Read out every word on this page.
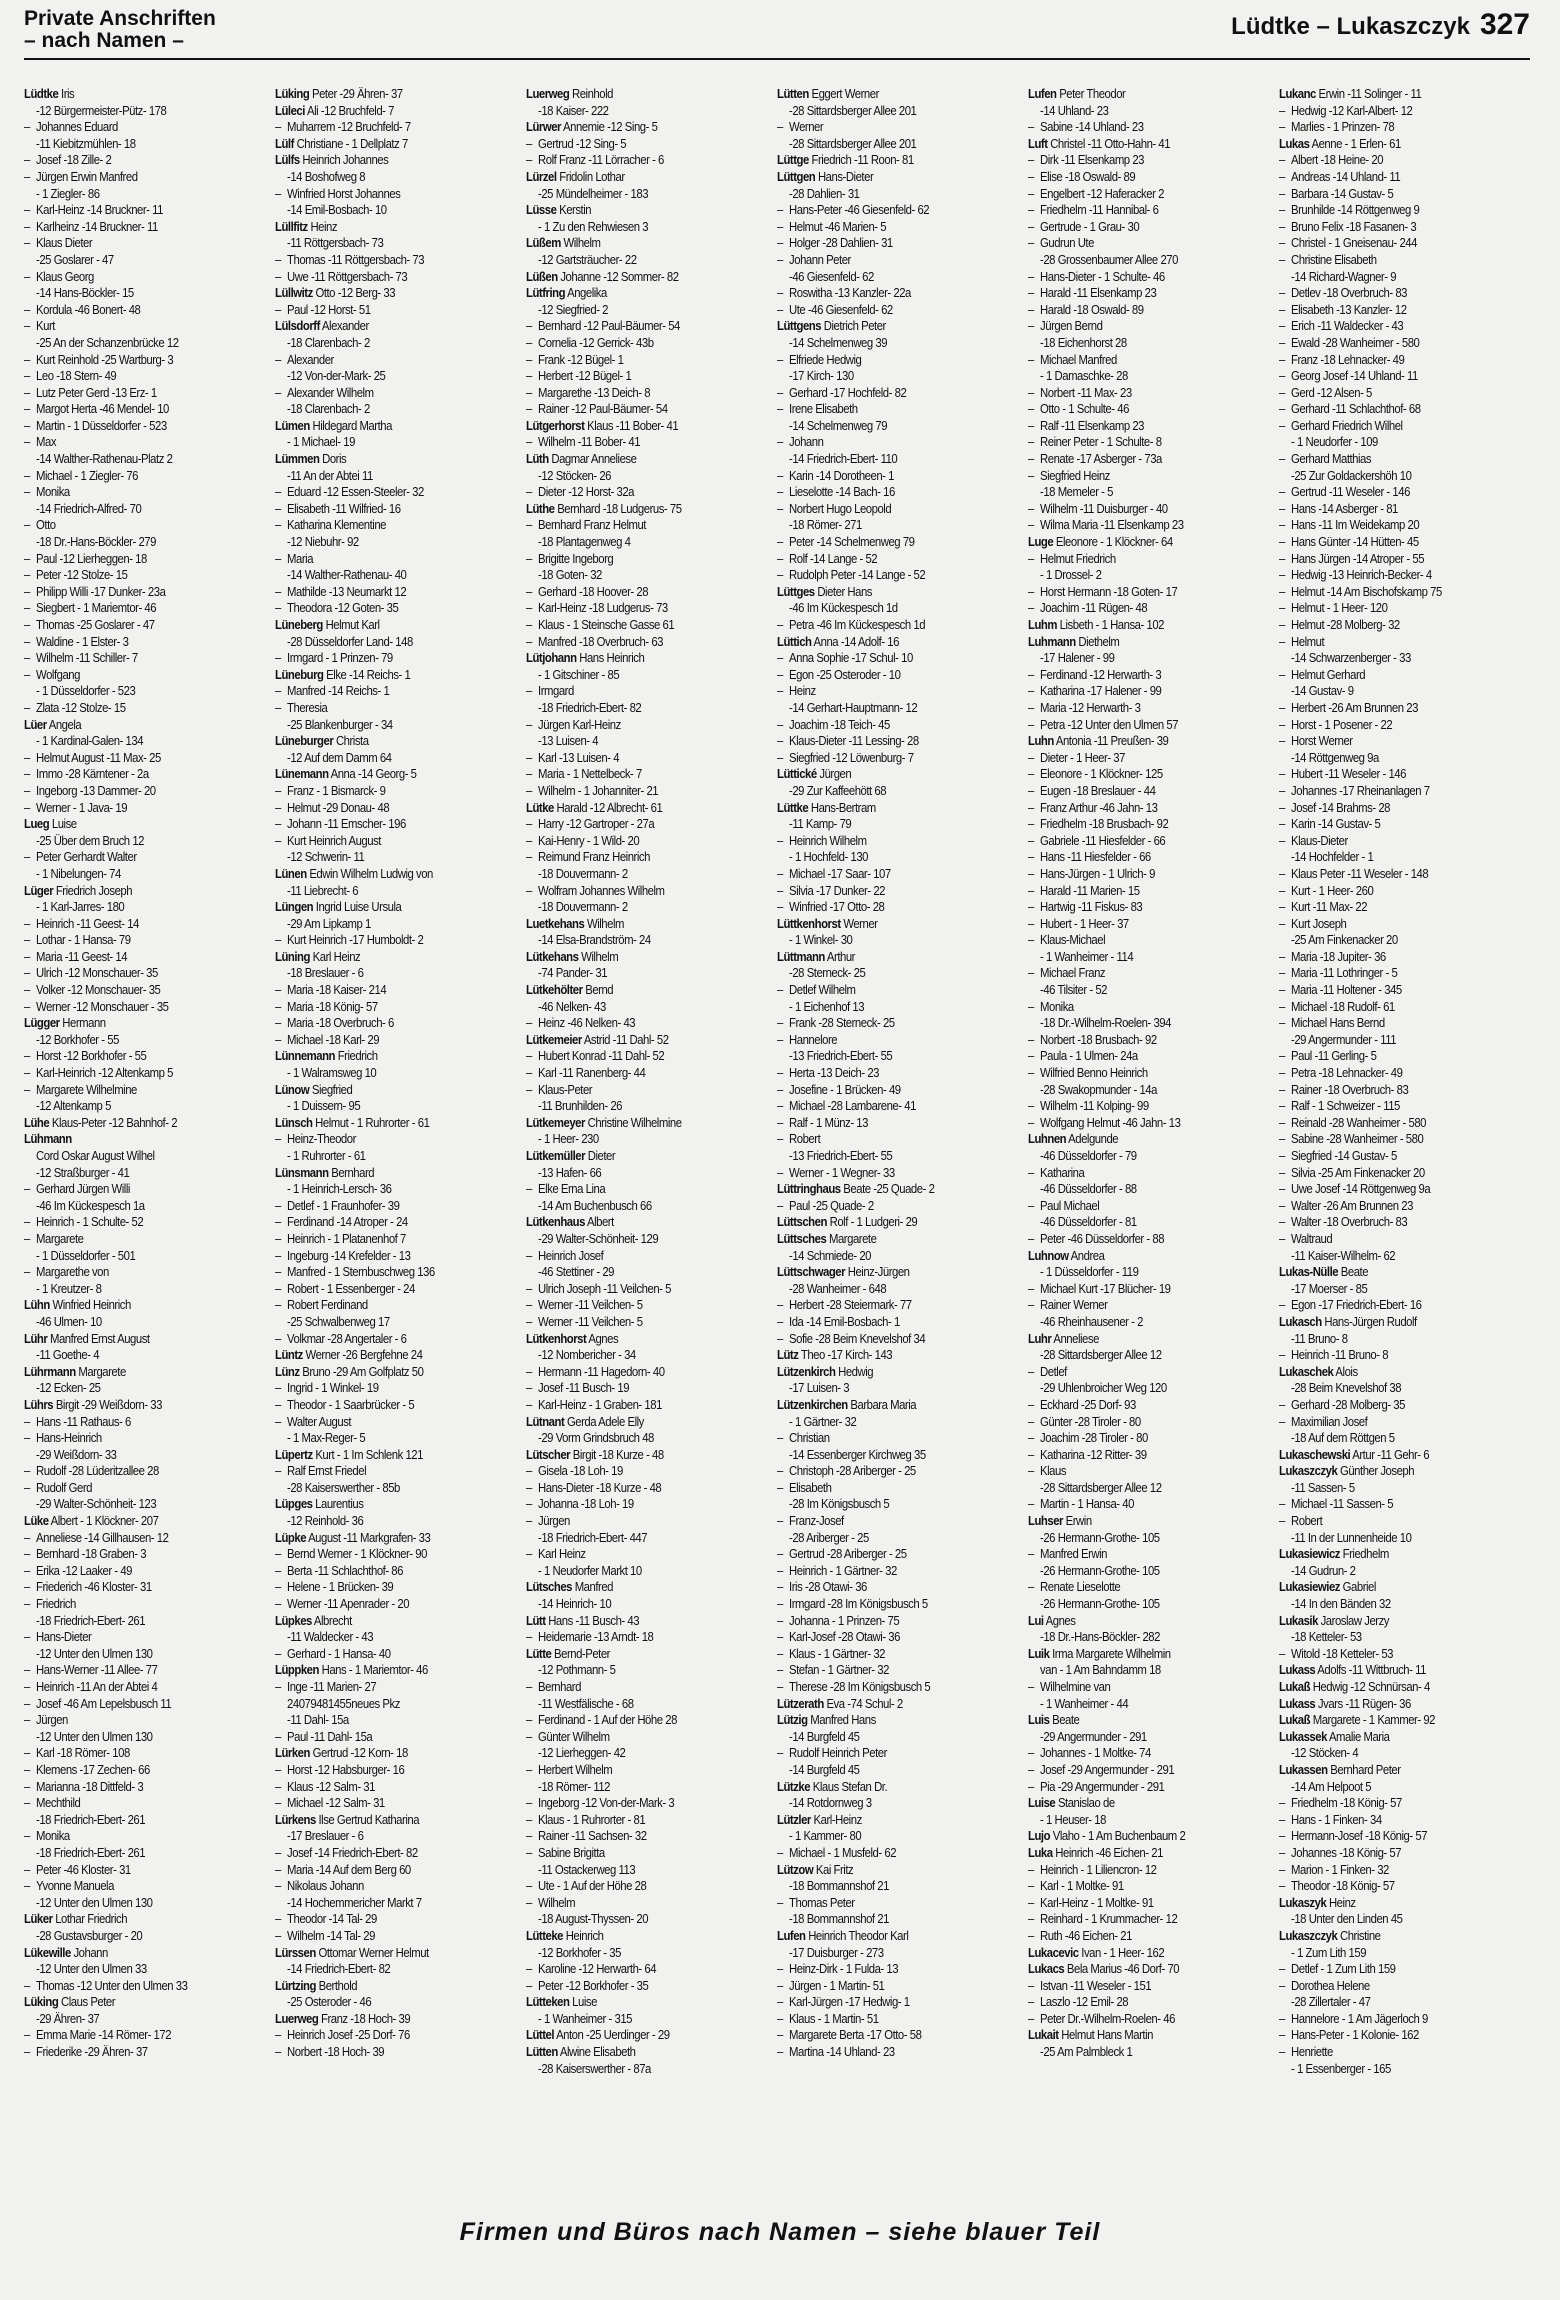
Private Anschriften
– nach Namen –
Lüdtke – Lukaszczyk 327
Lüdtke Iris
-12 Bürgermeister-Pütz- 178
– Johannes Eduard
-11 Kiebitzmühlen- 18
– Josef -18 Zille- 2
– Jürgen Erwin Manfred
- 1 Ziegler- 86
– Karl-Heinz -14 Bruckner- 11
– Karlheinz -14 Bruckner- 11
– Klaus Dieter
-25 Goslarer - 47
– Klaus Georg
-14 Hans-Böckler- 15
– Kordula -46 Bonert- 48
– Kurt
-25 An der Schanzenbrücke 12
– Kurt Reinhold -25 Wartburg- 3
– Leo -18 Stern- 49
– Lutz Peter Gerd -13 Erz- 1
– Margot Herta -46 Mendel- 10
– Martin - 1 Düsseldorfer - 523
– Max
-14 Walther-Rathenau-Platz 2
– Michael - 1 Ziegler- 76
– Monika
-14 Friedrich-Alfred- 70
– Otto
-18 Dr.-Hans-Böckler- 279
– Paul -12 Lierheggen- 18
– Peter -12 Stolze- 15
– Philipp Willi -17 Dunker- 23a
– Siegbert - 1 Mariemtor- 46
– Thomas -25 Goslarer - 47
– Waldine - 1 Elster- 3
– Wilhelm -11 Schiller- 7
– Wolfgang
- 1 Düsseldorfer - 523
– Zlata -12 Stolze- 15
Lüer Angela
- 1 Kardinal-Galen- 134
– Helmut August -11 Max- 25
– Immo -28 Kärntener - 2a
– Ingeborg -13 Dammer- 20
– Werner - 1 Java- 19
Lueg Luise
-25 Über dem Bruch 12
– Peter Gerhardt Walter
- 1 Nibelungen- 74
Lüger Friedrich Joseph
- 1 Karl-Jarres- 180
– Heinrich -11 Geest- 14
– Lothar - 1 Hansa- 79
– Maria -11 Geest- 14
– Ulrich -12 Monschauer- 35
– Volker -12 Monschauer- 35
– Werner -12 Monschauer - 35
Lügger Hermann
-12 Borkhofer - 55
– Horst -12 Borkhofer - 55
– Karl-Heinrich -12 Altenkamp 5
– Margarete Wilhelmine
-12 Altenkamp 5
Lühe Klaus-Peter -12 Bahnhof- 2
Lühmann
Cord Oskar August Wilhel
-12 Straßburger - 41
– Gerhard Jürgen Willi
-46 Im Kückespesch 1a
– Heinrich - 1 Schulte- 52
– Margarete
- 1 Düsseldorfer - 501
– Margarethe von
- 1 Kreutzer- 8
Lühn Winfried Heinrich
-46 Ulmen- 10
Lühr Manfred Ernst August
-11 Goethe- 4
Lührmann Margarete
-12 Ecken- 25
Lührs Birgit -29 Weißdorn- 33
– Hans -11 Rathaus- 6
– Hans-Heinrich
-29 Weißdorn- 33
– Rudolf -28 Lüderitzallee 28
– Rudolf Gerd
-29 Walter-Schönheit- 123
Lüke Albert - 1 Klöckner- 207
– Anneliese -14 Gillhausen- 12
– Bernhard -18 Graben- 3
– Erika -12 Laaker - 49
– Friederich -46 Kloster- 31
– Friedrich
-18 Friedrich-Ebert- 261
– Hans-Dieter
-12 Unter den Ulmen 130
– Hans-Werner -11 Allee- 77
– Heinrich -11 An der Abtei 4
– Josef -46 Am Lepelsbusch 11
– Jürgen
-12 Unter den Ulmen 130
– Karl -18 Römer- 108
– Klemens -17 Zechen- 66
– Marianna -18 Dittfeld- 3
– Mechthild
-18 Friedrich-Ebert- 261
– Monika
-18 Friedrich-Ebert- 261
– Peter -46 Kloster- 31
– Yvonne Manuela
-12 Unter den Ulmen 130
Lüker Lothar Friedrich
-28 Gustavsburger - 20
Lükewille Johann
-12 Unter den Ulmen 33
– Thomas -12 Unter den Ulmen 33
Lüking Claus Peter
-29 Ähren- 37
– Emma Marie -14 Römer- 172
– Friederike -29 Ähren- 37
Lüking Peter -29 Ähren- 37
Lüleci Ali -12 Bruchfeld- 7
– Muharrem -12 Bruchfeld- 7
Lülf Christiane - 1 Dellplatz 7
Lülfs Heinrich Johannes
-14 Boshofweg 8
– Winfried Horst Johannes
-14 Emil-Bosbach- 10
Lüllfitz Heinz
-11 Röttgersbach- 73
– Thomas -11 Röttgersbach- 73
– Uwe -11 Röttgersbach- 73
Lüllwitz Otto -12 Berg- 33
– Paul -12 Horst- 51
Lülsdorff Alexander
-18 Clarenbach- 2
– Alexander
-12 Von-der-Mark- 25
– Alexander Wilhelm
-18 Clarenbach- 2
Lümen Hildegard Martha
- 1 Michael- 19
Lümmen Doris
-11 An der Abtei 11
– Eduard -12 Essen-Steeler- 32
– Elisabeth -11 Wilfried- 16
– Katharina Klementine
-12 Niebuhr- 92
– Maria
-14 Walther-Rathenau- 40
– Mathilde -13 Neumarkt 12
– Theodora -12 Goten- 35
Lüneberg Helmut Karl
-28 Düsseldorfer Land- 148
– Irmgard - 1 Prinzen- 79
Lüneburg Elke -14 Reichs- 1
– Manfred -14 Reichs- 1
– Theresia
-25 Blankenburger - 34
Lüneburger Christa
-12 Auf dem Damm 64
Lünemann Anna -14 Georg- 5
– Franz - 1 Bismarck- 9
– Helmut -29 Donau- 48
– Johann -11 Emscher- 196
– Kurt Heinrich August
-12 Schwerin- 11
Lünen Edwin Wilhelm Ludwig von
-11 Liebrecht- 6
Lüngen Ingrid Luise Ursula
-29 Am Lipkamp 1
– Kurt Heinrich -17 Humboldt- 2
Lüning Karl Heinz
-18 Breslauer - 6
– Maria -18 Kaiser- 214
– Maria -18 König- 57
– Maria -18 Overbruch- 6
– Michael -18 Karl- 29
Lünnemann Friedrich
- 1 Walramsweg 10
Lünow Siegfried
- 1 Duissern- 95
Lünsch Helmut - 1 Ruhrorter - 61
– Heinz-Theodor
- 1 Ruhrorter - 61
Lünsmann Bernhard
- 1 Heinrich-Lersch- 36
– Detlef - 1 Fraunhofer- 39
– Ferdinand -14 Atroper - 24
– Heinrich - 1 Platanenhof 7
– Ingeburg -14 Krefelder - 13
– Manfred - 1 Sternbuschweg 136
– Robert - 1 Essenberger - 24
– Robert Ferdinand
-25 Schwalbenweg 17
– Volkmar -28 Angertaler - 6
Lüntz Werner -26 Bergfehne 24
Lünz Bruno -29 Am Golfplatz 50
– Ingrid - 1 Winkel- 19
– Theodor - 1 Saarbrücker - 5
– Walter August
- 1 Max-Reger- 5
Lüpertz Kurt - 1 Im Schlenk 121
– Ralf Ernst Friedel
-28 Kaiserswerther - 85b
Lüpges Laurentius
-12 Reinhold- 36
Lüpke August -11 Markgrafen- 33
– Bernd Werner - 1 Klöckner- 90
– Berta -11 Schlachthof- 86
– Helene - 1 Brücken- 39
– Werner -11 Apenrader - 20
Lüpkes Albrecht
-11 Waldecker - 43
– Gerhard - 1 Hansa- 40
Lüppken Hans - 1 Mariemtor- 46
– Inge -11 Marien- 27
24079481455neues Pkz
-11 Dahl- 15a
– Paul -11 Dahl- 15a
Lürken Gertrud -12 Korn- 18
– Horst -12 Habsburger- 16
– Klaus -12 Salm- 31
– Michael -12 Salm- 31
Lürkens Ilse Gertrud Katharina
-17 Breslauer - 6
– Josef -14 Friedrich-Ebert- 82
– Maria -14 Auf dem Berg 60
– Nikolaus Johann
-14 Hochemmericher Markt 7
– Theodor -14 Tal- 29
– Wilhelm -14 Tal- 29
Lürssen Ottomar Werner Helmut
-14 Friedrich-Ebert- 82
Lürtzing Berthold
-25 Osteroder - 46
Luerweg Franz -18 Hoch- 39
– Heinrich Josef -25 Dorf- 76
– Norbert -18 Hoch- 39
Luerweg Reinhold
-18 Kaiser- 222
Lürwer Annemie -12 Sing- 5
– Gertrud -12 Sing- 5
– Rolf Franz -11 Lörracher - 6
Lürzel Fridolin Lothar
-25 Mündelheimer - 183
Lüsse Kerstin
- 1 Zu den Rehwiesen 3
Lüßem Wilhelm
-12 Gartsträucher- 22
Lüßen Johanne -12 Sommer- 82
Lütfring Angelika
-12 Siegfried- 2
– Bernhard -12 Paul-Bäumer- 54
– Cornelia -12 Gerrick- 43b
– Frank -12 Bügel- 1
– Herbert -12 Bügel- 1
– Margarethe -13 Deich- 8
– Rainer -12 Paul-Bäumer- 54
Lütgerhorst Klaus -11 Bober- 41
– Wilhelm -11 Bober- 41
Lüth Dagmar Anneliese
-12 Stöcken- 26
– Dieter -12 Horst- 32a
Lüthe Bernhard -18 Ludgerus- 75
– Bernhard Franz Helmut
-18 Plantagenweg 4
– Brigitte Ingeborg
-18 Goten- 32
– Gerhard -18 Hoover- 28
– Karl-Heinz -18 Ludgerus- 73
– Klaus - 1 Steinsche Gasse 61
– Manfred -18 Overbruch- 63
Lütjohann Hans Heinrich
- 1 Gitschiner - 85
– Irmgard
-18 Friedrich-Ebert- 82
– Jürgen Karl-Heinz
-13 Luisen- 4
– Karl -13 Luisen- 4
– Maria - 1 Nettelbeck- 7
– Wilhelm - 1 Johanniter- 21
Lütke Harald -12 Albrecht- 61
– Harry -12 Gartroper - 27a
– Kai-Henry - 1 Wild- 20
– Reimund Franz Heinrich
-18 Douvermann- 2
– Wolfram Johannes Wilhelm
-18 Douvermann- 2
Luetkehans Wilhelm
-14 Elsa-Brandström- 24
Lütkehans Wilhelm
-74 Pander- 31
Lütkehölter Bernd
-46 Nelken- 43
– Heinz -46 Nelken- 43
Lütkemeier Astrid -11 Dahl- 52
– Hubert Konrad -11 Dahl- 52
– Karl -11 Ranenberg- 44
– Klaus-Peter
-11 Brunhilden- 26
Lütkemeyer Christine Wilhelmine
- 1 Heer- 230
Lütkemüller Dieter
-13 Hafen- 66
– Elke Erna Lina
-14 Am Buchenbusch 66
Lütkenhaus Albert
-29 Walter-Schönheit- 129
– Heinrich Josef
-46 Stettiner - 29
– Ulrich Joseph -11 Veilchen- 5
– Werner -11 Veilchen- 5
– Werner -11 Veilchen- 5
Lütkenhorst Agnes
-12 Nombericher - 34
– Hermann -11 Hagedorn- 40
– Josef -11 Busch- 19
– Karl-Heinz - 1 Graben- 181
Lütnant Gerda Adele Elly
-29 Vorm Grindsbruch 48
Lütscher Birgit -18 Kurze - 48
– Gisela -18 Loh- 19
– Hans-Dieter -18 Kurze - 48
– Johanna -18 Loh- 19
– Jürgen
-18 Friedrich-Ebert- 447
– Karl Heinz
- 1 Neudorfer Markt 10
Lütsches Manfred
-14 Heinrich- 10
Lütt Hans -11 Busch- 43
– Heidemarie -13 Arndt- 18
Lütte Bernd-Peter
-12 Pothmann- 5
– Bernhard
-11 Westfälische - 68
– Ferdinand - 1 Auf der Höhe 28
– Günter Wilhelm
-12 Lierheggen- 42
– Herbert Wilhelm
-18 Römer- 112
– Ingeborg -12 Von-der-Mark- 3
– Klaus - 1 Ruhrorter - 81
– Rainer -11 Sachsen- 32
– Sabine Brigitta
-11 Ostackerweg 113
– Ute - 1 Auf der Höhe 28
– Wilhelm
-18 August-Thyssen- 20
Lütteke Heinrich
-12 Borkhofer - 35
– Karoline -12 Herwarth- 64
– Peter -12 Borkhofer - 35
Lütteken Luise
- 1 Wanheimer - 315
Lüttel Anton -25 Uerdinger - 29
Lütten Alwine Elisabeth
-28 Kaiserswerther - 87a
Lütten Eggert Werner
-28 Sittardsberger Allee 201
– Werner
-28 Sittardsberger Allee 201
Lüttge Friedrich -11 Roon- 81
Lüttgen Hans-Dieter
-28 Dahlien- 31
– Hans-Peter -46 Giesenfeld- 62
– Helmut -46 Marien- 5
– Holger -28 Dahlien- 31
– Johann Peter
-46 Giesenfeld- 62
– Roswitha -13 Kanzler- 22a
– Ute -46 Giesenfeld- 62
Lüttgens Dietrich Peter
-14 Schelmenweg 39
– Elfriede Hedwig
-17 Kirch- 130
– Gerhard -17 Hochfeld- 82
– Irene Elisabeth
-14 Schelmenweg 79
– Johann
-14 Friedrich-Ebert- 110
– Karin -14 Dorotheen- 1
– Lieselotte -14 Bach- 16
– Norbert Hugo Leopold
-18 Römer- 271
– Peter -14 Schelmenweg 79
– Rolf -14 Lange - 52
– Rudolph Peter -14 Lange - 52
Lüttges Dieter Hans
-46 Im Kückespesch 1d
– Petra -46 Im Kückespesch 1d
Lüttich Anna -14 Adolf- 16
– Anna Sophie -17 Schul- 10
– Egon -25 Osteroder - 10
– Heinz
-14 Gerhart-Hauptmann- 12
– Joachim -18 Teich- 45
– Klaus-Dieter -11 Lessing- 28
– Siegfried -12 Löwenburg- 7
Lüttické Jürgen
-29 Zur Kaffeehött 68
Lüttke Hans-Bertram
-11 Kamp- 79
– Heinrich Wilhelm
- 1 Hochfeld- 130
– Michael -17 Saar- 107
– Silvia -17 Dunker- 22
– Winfried -17 Otto- 28
Lüttkenhorst Werner
- 1 Winkel- 30
Lüttmann Arthur
-28 Sterneck- 25
– Detlef Wilhelm
- 1 Eichenhof 13
– Frank -28 Sterneck- 25
– Hannelore
-13 Friedrich-Ebert- 55
– Herta -13 Deich- 23
– Josefine - 1 Brücken- 49
– Michael -28 Lambarene- 41
– Ralf - 1 Münz- 13
– Robert
-13 Friedrich-Ebert- 55
– Werner - 1 Wegner- 33
Lüttringhaus Beate -25 Quade- 2
– Paul -25 Quade- 2
Lüttschen Rolf - 1 Ludgeri- 29
Lüttsches Margarete
-14 Schmiede- 20
Lüttschwager Heinz-Jürgen
-28 Wanheimer - 648
– Herbert -28 Steiermark- 77
– Ida -14 Emil-Bosbach- 1
– Sofie -28 Beim Knevelshof 34
Lütz Theo -17 Kirch- 143
Lützenkirch Hedwig
-17 Luisen- 3
Lützenkirchen Barbara Maria
- 1 Gärtner- 32
– Christian
-14 Essenberger Kirchweg 35
– Christoph -28 Ariberger - 25
– Elisabeth
-28 Im Königsbusch 5
– Franz-Josef
-28 Ariberger - 25
– Gertrud -28 Ariberger - 25
– Heinrich - 1 Gärtner- 32
– Iris -28 Otawi- 36
– Irmgard -28 Im Königsbusch 5
– Johanna - 1 Prinzen- 75
– Karl-Josef -28 Otawi- 36
– Klaus - 1 Gärtner- 32
– Stefan - 1 Gärtner- 32
– Therese -28 Im Königsbusch 5
Lützerath Eva -74 Schul- 2
Lützig Manfred Hans
-14 Burgfeld 45
– Rudolf Heinrich Peter
-14 Burgfeld 45
Lützke Klaus Stefan Dr.
-14 Rotdornweg 3
Lützler Karl-Heinz
- 1 Kammer- 80
– Michael - 1 Musfeld- 62
Lützow Kai Fritz
-18 Bommannshof 21
– Thomas Peter
-18 Bommannshof 21
Lufen Heinrich Theodor Karl
-17 Duisburger - 273
– Heinz-Dirk - 1 Fulda- 13
– Jürgen - 1 Martin- 51
– Karl-Jürgen -17 Hedwig- 1
– Klaus - 1 Martin- 51
– Margarete Berta -17 Otto- 58
– Martina -14 Uhland- 23
Lufen Peter Theodor
-14 Uhland- 23
– Sabine -14 Uhland- 23
Luft Christel -11 Otto-Hahn- 41
– Dirk -11 Elsenkamp 23
– Elise -18 Oswald- 89
– Engelbert -12 Haferacker 2
– Friedhelm -11 Hannibal- 6
– Gertrude - 1 Grau- 30
– Gudrun Ute
-28 Grossenbaumer Allee 270
– Hans-Dieter - 1 Schulte- 46
– Harald -11 Elsenkamp 23
– Harald -18 Oswald- 89
– Jürgen Bernd
-18 Eichenhorst 28
– Michael Manfred
- 1 Damaschke- 28
– Norbert -11 Max- 23
– Otto - 1 Schulte- 46
– Ralf -11 Elsenkamp 23
– Reiner Peter - 1 Schulte- 8
– Renate -17 Asberger - 73a
– Siegfried Heinz
-18 Memeler - 5
– Wilhelm -11 Duisburger - 40
– Wilma Maria -11 Elsenkamp 23
Luge Eleonore - 1 Klöckner- 64
– Helmut Friedrich
- 1 Drossel- 2
– Horst Hermann -18 Goten- 17
– Joachim -11 Rügen- 48
Luhm Lisbeth - 1 Hansa- 102
Luhmann Diethelm
-17 Halener - 99
– Ferdinand -12 Herwarth- 3
– Katharina -17 Halener - 99
– Maria -12 Herwarth- 3
– Petra -12 Unter den Ulmen 57
Luhn Antonia -11 Preußen- 39
– Dieter - 1 Heer- 37
– Eleonore - 1 Klöckner- 125
– Eugen -18 Breslauer - 44
– Franz Arthur -46 Jahn- 13
– Friedhelm -18 Brusbach- 92
– Gabriele -11 Hiesfelder - 66
– Hans -11 Hiesfelder - 66
– Hans-Jürgen - 1 Ulrich- 9
– Harald -11 Marien- 15
– Hartwig -11 Fiskus- 83
– Hubert - 1 Heer- 37
– Klaus-Michael
- 1 Wanheimer - 114
– Michael Franz
-46 Tilsiter - 52
– Monika
-18 Dr.-Wilhelm-Roelen- 394
– Norbert -18 Brusbach- 92
– Paula - 1 Ulmen- 24a
– Wilfried Benno Heinrich
-28 Swakopmunder - 14a
– Wilhelm -11 Kolping- 99
– Wolfgang Helmut -46 Jahn- 13
Luhnen Adelgunde
-46 Düsseldorfer - 79
– Katharina
-46 Düsseldorfer - 88
– Paul Michael
-46 Düsseldorfer - 81
– Peter -46 Düsseldorfer - 88
Luhnow Andrea
- 1 Düsseldorfer - 119
– Michael Kurt -17 Blücher- 19
– Rainer Werner
-46 Rheinhausener - 2
Luhr Anneliese
-28 Sittardsberger Allee 12
– Detlef
-29 Uhlenbroicher Weg 120
– Eckhard -25 Dorf- 93
– Günter -28 Tiroler - 80
– Joachim -28 Tiroler - 80
– Katharina -12 Ritter- 39
– Klaus
-28 Sittardsberger Allee 12
– Martin - 1 Hansa- 40
Luhser Erwin
-26 Hermann-Grothe- 105
– Manfred Erwin
-26 Hermann-Grothe- 105
– Renate Lieselotte
-26 Hermann-Grothe- 105
Lui Agnes
-18 Dr.-Hans-Böckler- 282
Luik Irma Margarete Wilhelmin
van - 1 Am Bahndamm 18
– Wilhelmine van
- 1 Wanheimer - 44
Luis Beate
-29 Angermunder - 291
– Johannes - 1 Moltke- 74
– Josef -29 Angermunder - 291
– Pia -29 Angermunder - 291
Luise Stanislao de
- 1 Heuser- 18
Lujo Vlaho - 1 Am Buchenbaum 2
Luka Heinrich -46 Eichen- 21
– Heinrich - 1 Liliencron- 12
– Karl - 1 Moltke- 91
– Karl-Heinz - 1 Moltke- 91
– Reinhard - 1 Krummacher- 12
– Ruth -46 Eichen- 21
Lukacevic Ivan - 1 Heer- 162
Lukacs Bela Marius -46 Dorf- 70
– Istvan -11 Weseler - 151
– Laszlo -12 Emil- 28
– Peter Dr.-Wilhelm-Roelen- 46
Lukait Helmut Hans Martin
-25 Am Palmbleck 1
Lukanc Erwin -11 Solinger - 11
– Hedwig -12 Karl-Albert- 12
– Marlies - 1 Prinzen- 78
Lukas Aenne - 1 Erlen- 61
– Albert -18 Heine- 20
– Andreas -14 Uhland- 11
– Barbara -14 Gustav- 5
– Brunhilde -14 Röttgenweg 9
– Bruno Felix -18 Fasanen- 3
– Christel - 1 Gneisenau- 244
– Christine Elisabeth
-14 Richard-Wagner- 9
– Detlev -18 Overbruch- 83
– Elisabeth -13 Kanzler- 12
– Erich -11 Waldecker - 43
– Ewald -28 Wanheimer - 580
– Franz -18 Lehnacker- 49
– Georg Josef -14 Uhland- 11
– Gerd -12 Alsen- 5
– Gerhard -11 Schlachthof- 68
– Gerhard Friedrich Wilhel
- 1 Neudorfer - 109
– Gerhard Matthias
-25 Zur Goldackershöh 10
– Gertrud -11 Weseler - 146
– Hans -14 Asberger - 81
– Hans -11 Im Weidekamp 20
– Hans Günter -14 Hütten- 45
– Hans Jürgen -14 Atroper - 55
– Hedwig -13 Heinrich-Becker- 4
– Helmut -14 Am Bischofskamp 75
– Helmut - 1 Heer- 120
– Helmut -28 Molberg- 32
– Helmut
-14 Schwarzenberger - 33
– Helmut Gerhard
-14 Gustav- 9
– Herbert -26 Am Brunnen 23
– Horst - 1 Posener - 22
– Horst Werner
-14 Röttgenweg 9a
– Hubert -11 Weseler - 146
– Johannes -17 Rheinanlagen 7
– Josef -14 Brahms- 28
– Karin -14 Gustav- 5
– Klaus-Dieter
-14 Hochfelder - 1
– Klaus Peter -11 Weseler - 148
– Kurt - 1 Heer- 260
– Kurt -11 Max- 22
– Kurt Joseph
-25 Am Finkenacker 20
– Maria -18 Jupiter- 36
– Maria -11 Lothringer - 5
– Maria -11 Holtener - 345
– Michael -18 Rudolf- 61
– Michael Hans Bernd
-29 Angermunder - 111
– Paul -11 Gerling- 5
– Petra -18 Lehnacker- 49
– Rainer -18 Overbruch- 83
– Ralf - 1 Schweizer - 115
– Reinald -28 Wanheimer - 580
– Sabine -28 Wanheimer - 580
– Siegfried -14 Gustav- 5
– Silvia -25 Am Finkenacker 20
– Uwe Josef -14 Röttgenweg 9a
– Walter -26 Am Brunnen 23
– Walter -18 Overbruch- 83
– Waltraud
-11 Kaiser-Wilhelm- 62
Lukas-Nülle Beate
-17 Moerser - 85
– Egon -17 Friedrich-Ebert- 16
Lukasch Hans-Jürgen Rudolf
-11 Bruno- 8
– Heinrich -11 Bruno- 8
Lukaschek Alois
-28 Beim Knevelshof 38
– Gerhard -28 Molberg- 35
– Maximilian Josef
-18 Auf dem Röttgen 5
Lukaschewski Artur -11 Gehr- 6
Lukaszczyk Günther Joseph
-11 Sassen- 5
– Michael -11 Sassen- 5
– Robert
-11 In der Lunnenheide 10
Lukasiewicz Friedhelm
-14 Gudrun- 2
Lukasiewiez Gabriel
-14 In den Bänden 32
Lukasik Jaroslaw Jerzy
-18 Ketteler- 53
– Witold -18 Ketteler- 53
Lukass Adolfs -11 Wittbruch- 11
Lukaß Hedwig -12 Schnürsan- 4
Lukass Jvars -11 Rügen- 36
Lukaß Margarete - 1 Kammer- 92
Lukassek Amalie Maria
-12 Stöcken- 4
Lukassen Bernhard Peter
-14 Am Helpoot 5
– Friedhelm -18 König- 57
– Hans - 1 Finken- 34
– Hermann-Josef -18 König- 57
– Johannes -18 König- 57
– Marion - 1 Finken- 32
– Theodor -18 König- 57
Lukaszyk Heinz
-18 Unter den Linden 45
Lukaszczyk Christine
- 1 Zum Lith 159
– Detlef - 1 Zum Lith 159
– Dorothea Helene
-28 Zillertaler - 47
– Hannelore - 1 Am Jägerloch 9
– Hans-Peter - 1 Kolonie- 162
– Henriette
- 1 Essenberger - 165
Firmen und Büros nach Namen – siehe blauer Teil
